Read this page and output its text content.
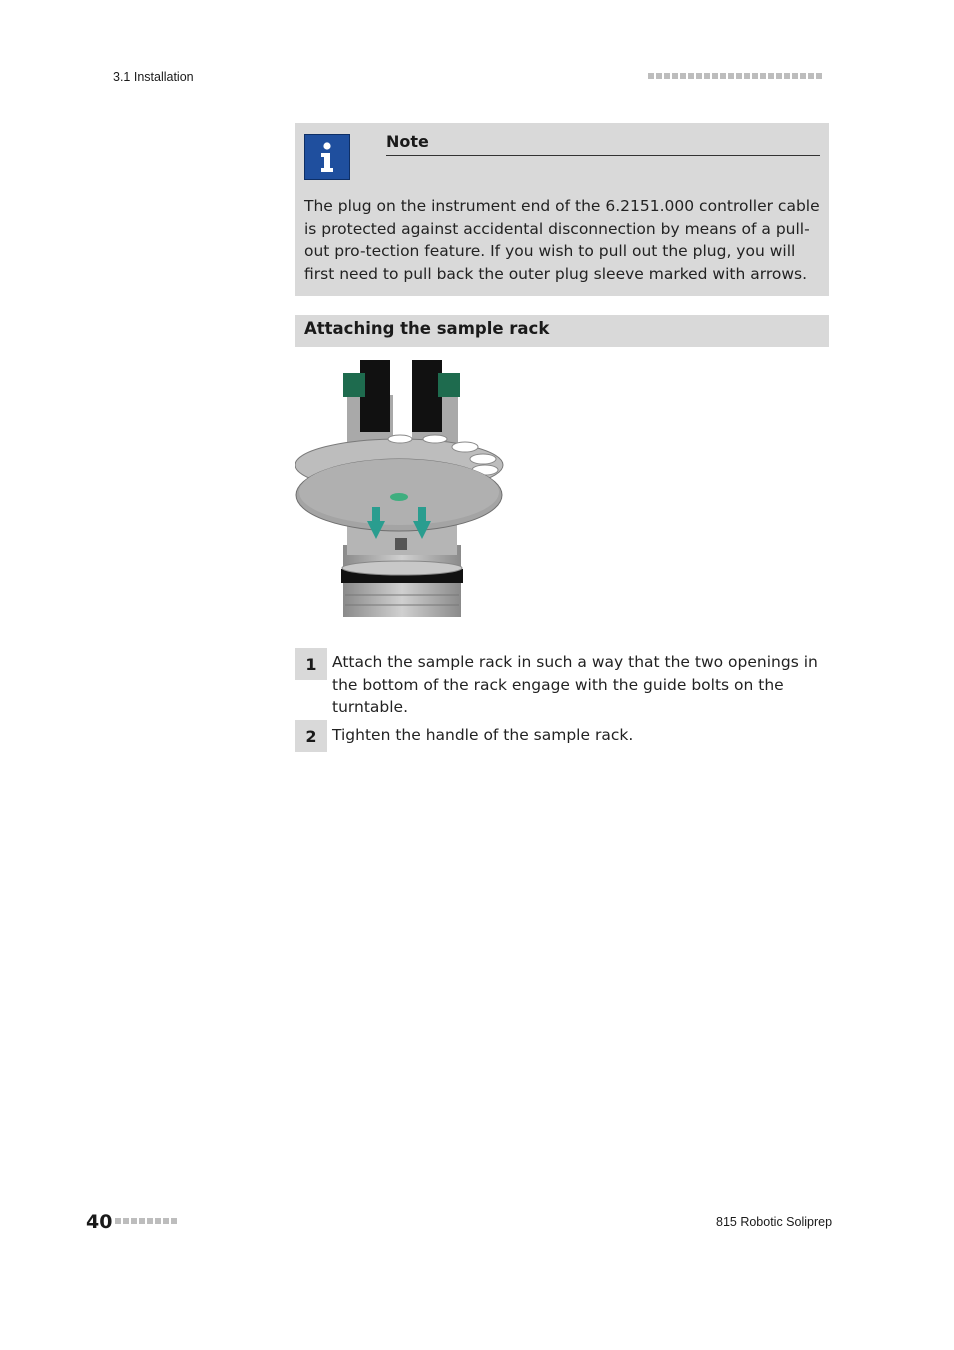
3.1 Installation
Note
The plug on the instrument end of the 6.2151.000 controller cable is protected against accidental disconnection by means of a pull-out pro-tection feature. If you wish to pull out the plug, you will first need to pull back the outer plug sleeve marked with arrows.
Attaching the sample rack
1 Attach the sample rack in such a way that the two openings in the bottom of the rack engage with the guide bolts on the turntable.
2 Tighten the handle of the sample rack.
40	815 Robotic Soliprep
